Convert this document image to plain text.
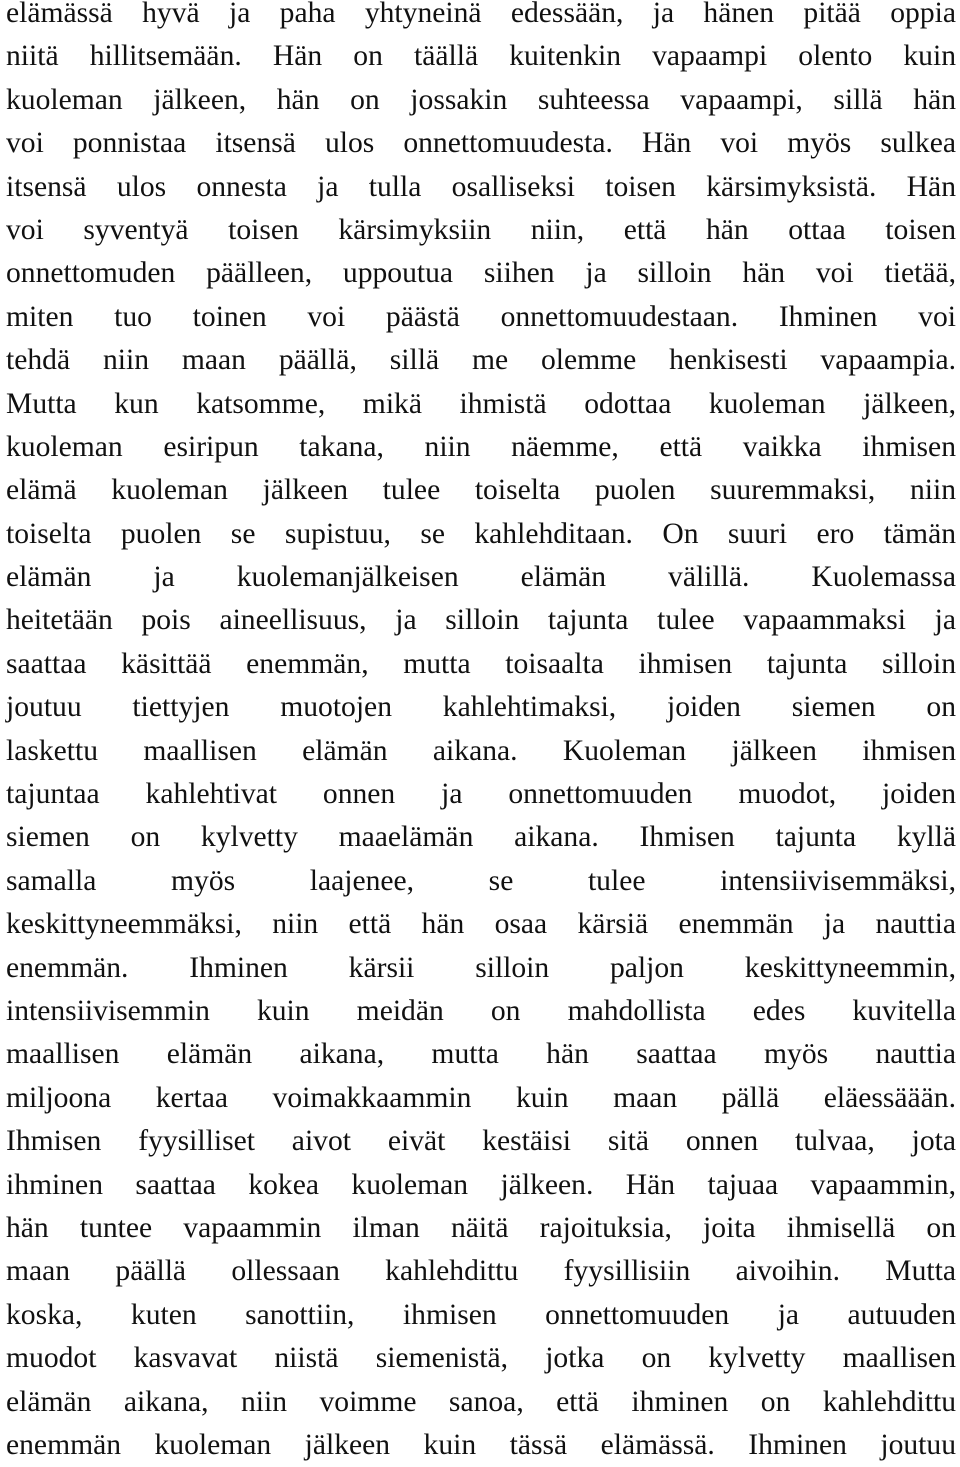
elämässä hyvä ja paha yhtyneinä edessään, ja hänen pitää oppia
niitä hillitsemään. Hän on täällä kuitenkin vapaampi olento kuin
kuoleman jälkeen, hän on jossakin suhteessa vapaampi, sillä hän
voi ponnistaa itsensä ulos onnettomuudesta. Hän voi myös sulkea
itsensä ulos onnesta ja tulla osalliseksi toisen kärsimyksistä. Hän
voi syventyä toisen kärsimyksiin niin, että hän ottaa toisen
onnettomuden päälleen, uppoutua siihen ja silloin hän voi tietää,
miten tuo toinen voi päästä onnettomuudestaan. Ihminen voi
tehdä niin maan päällä, sillä me olemme henkisesti vapaampia.
Mutta kun katsomme, mikä ihmistä odottaa kuoleman jälkeen,
kuoleman esiripun takana, niin näemme, että vaikka ihmisen
elämä kuoleman jälkeen tulee toiselta puolen suuremmaksi, niin
toiselta puolen se supistuu, se kahlehditaan. On suuri ero tämän
elämän ja kuolemanjälkeisen elämän välillä. Kuolemassa
heitetään pois aineellisuus, ja silloin tajunta tulee vapaammaksi ja
saattaa käsittää enemmän, mutta toisaalta ihmisen tajunta silloin
joutuu tiettyjen muotojen kahlehtimaksi, joiden siemen on
laskettu maallisen elämän aikana. Kuoleman jälkeen ihmisen
tajuntaa kahlehtivat onnen ja onnettomuuden muodot, joiden
siemen on kylvetty maaelämän aikana. Ihmisen tajunta kyllä
samalla myös laajenee, se tulee intensiivisemmäksi,
keskittyneemmäksi, niin että hän osaa kärsiä enemmän ja nauttia
enemmän. Ihminen kärsii silloin paljon keskittyneemmin,
intensiivisemmin kuin meidän on mahdollista edes kuvitella
maallisen elämän aikana, mutta hän saattaa myös nauttia
miljoona kertaa voimakkaammin kuin maan pällä eläessäään.
Ihmisen fyysilliset aivot eivät kestäisi sitä onnen tulvaa, jota
ihminen saattaa kokea kuoleman jälkeen. Hän tajuaa vapaammin,
hän tuntee vapaammin ilman näitä rajoituksia, joita ihmisellä on
maan päällä ollessaan kahlehdittu fyysillisiin aivoihin. Mutta
koska, kuten sanottiin, ihmisen onnettomuuden ja autuuden
muodot kasvavat niistä siemenistä, jotka on kylvetty maallisen
elämän aikana, niin voimme sanoa, että ihminen on kahlehdittu
enemmän kuoleman jälkeen kuin tässä elämässä. Ihminen joutuu
